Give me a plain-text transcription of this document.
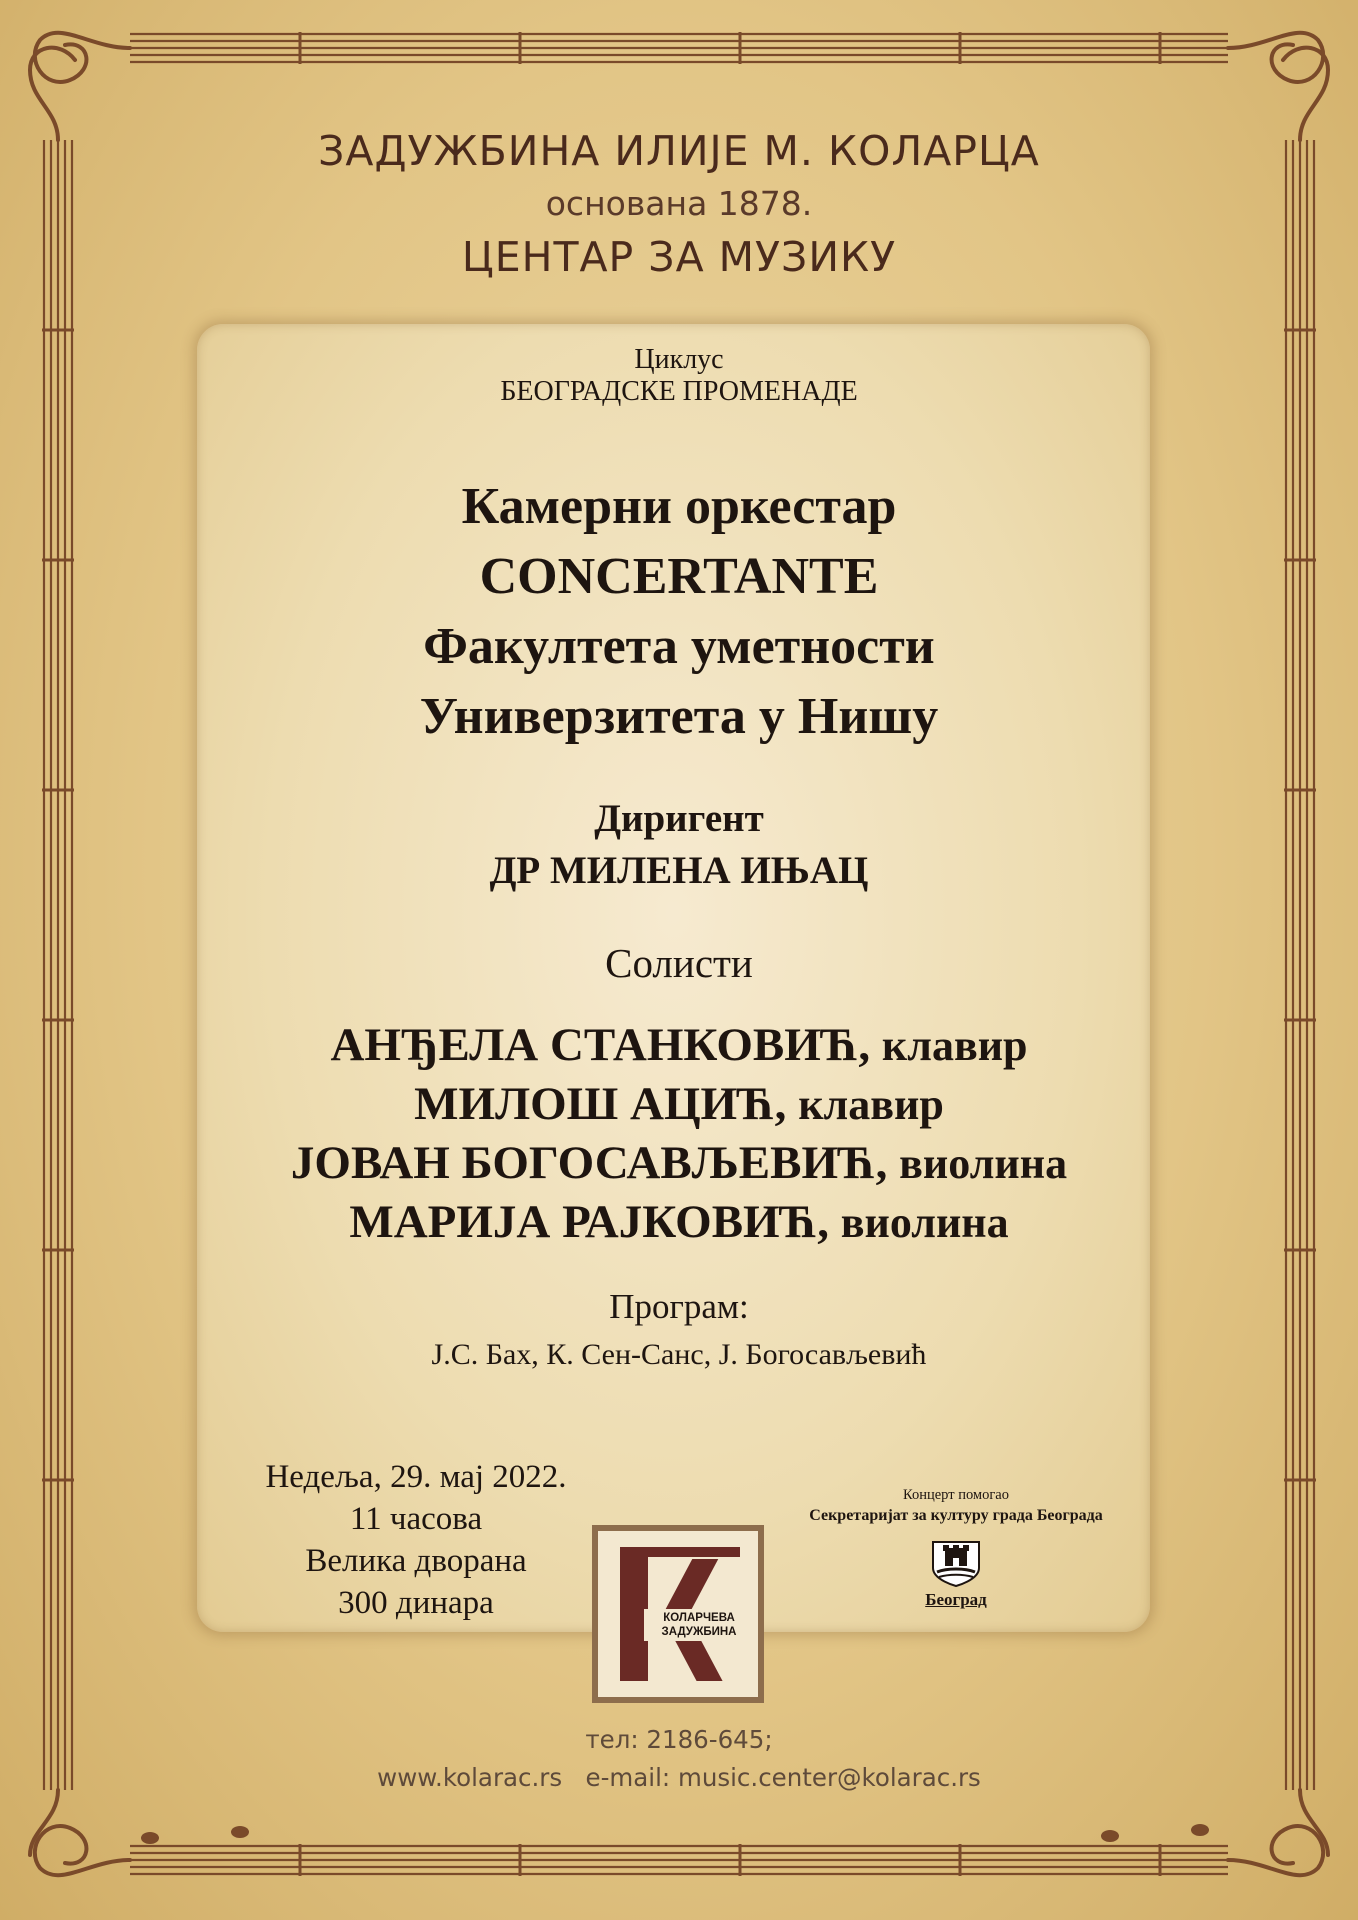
ЗАДУЖБИНА ИЛИЈЕ М. КОЛАРЦА
основана 1878.
ЦЕНТАР ЗА МУЗИКУ
Циклус
БЕОГРАДСКЕ ПРОМЕНАДЕ
Камерни оркестар
CONCERTANTE
Факултета уметности
Универзитета у Нишу
Диригент
ДР МИЛЕНА ИЊАЦ
Солисти
АНЂЕЛА СТАНКОВИЋ, клавир
МИЛОШ АЦИЋ, клавир
ЈОВАН БОГОСАВЉЕВИЋ, виолина
МАРИЈА РАЈКОВИЋ, виолина
Програм:
Ј.С. Бах, К. Сен-Санс, Ј. Богосављевић
Недеља, 29. мај 2022.
11 часова
Велика дворана
300 динара	КОЛАРЧЕВА
ЗАДУЖБИНА
Концерт помогао
Секретаријат за културу града Београда
Београд
тел: 2186-645;
www.kolarac.rs e-mail: music.center@kolarac.rs
